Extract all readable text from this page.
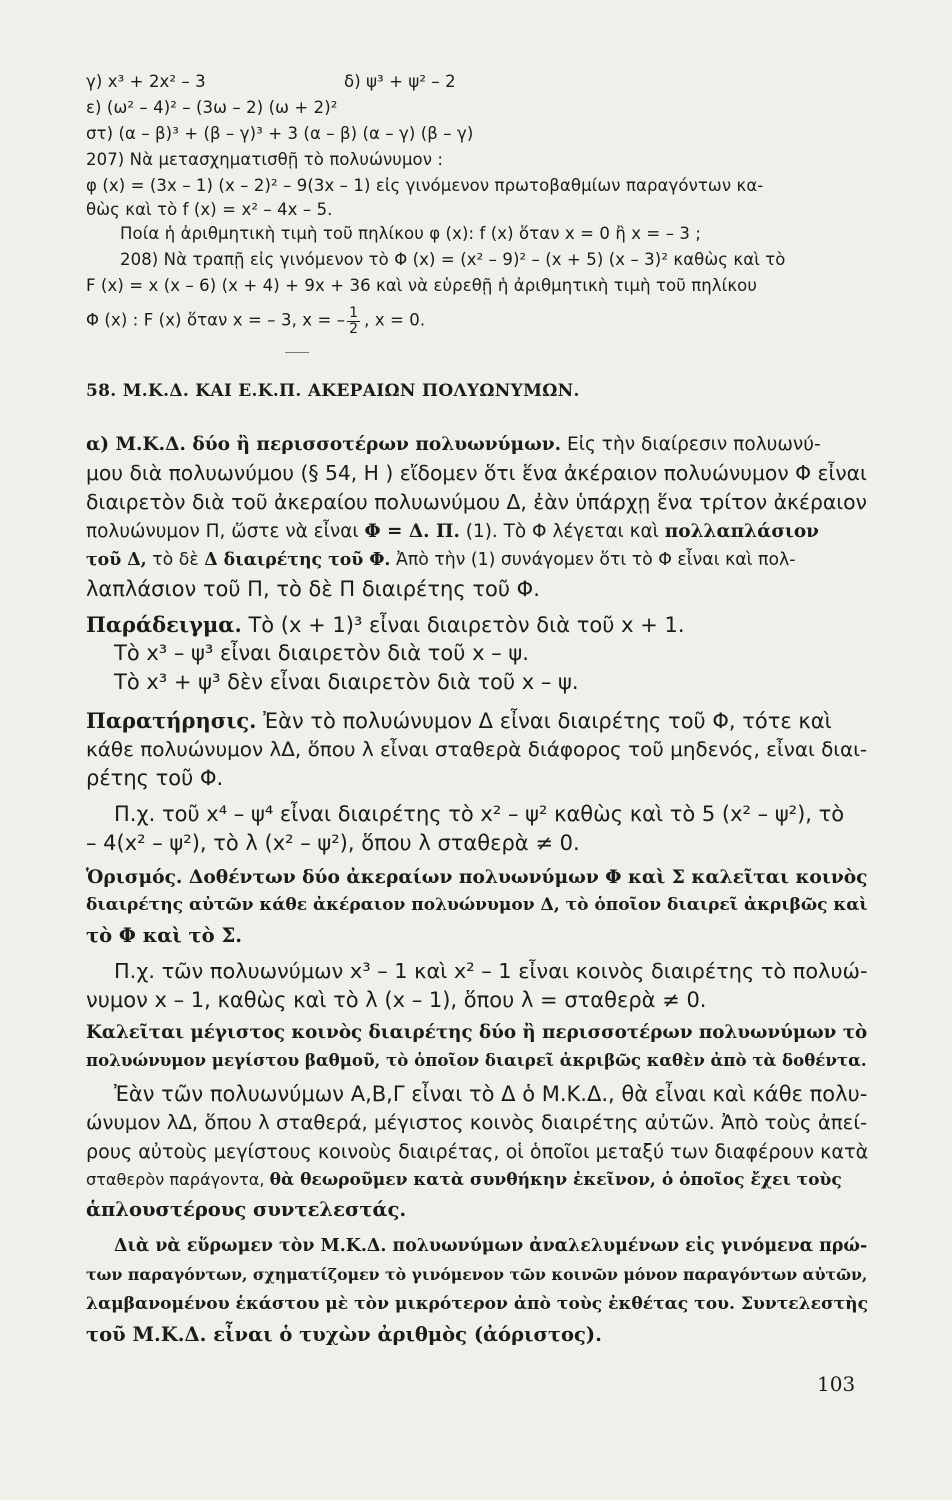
γ) x³ + 2x² – 3	δ) ψ³ + ψ² – 2

ε) (ω² – 4)² – (3ω – 2) (ω + 2)²

στ) (α – β)³ + (β – γ)³ + 3 (α – β) (α – γ) (β – γ)

207) Νὰ μετασχηματισθῇ τὸ πολυώνυμον :

φ (x) = (3x – 1) (x – 2)² – 9(3x – 1) εἰς γινόμενον πρωτοβαθμίων παραγόντων κα-

θὼς καὶ τὸ f (x) = x² – 4x – 5.

Ποία ἡ ἀριθμητικὴ τιμὴ τοῦ πηλίκου φ (x): f (x) ὅταν x = 0 ἢ x = – 3 ;

208) Νὰ τραπῇ εἰς γινόμενον τὸ Φ (x) = (x² – 9)² – (x + 5) (x – 3)² καθὼς καὶ τὸ

F (x) = x (x – 6) (x + 4) + 9x + 36 καὶ νὰ εὑρεθῇ ἡ ἀριθμητικὴ τιμὴ τοῦ πηλίκου

Φ (x) : F (x) ὅταν x = – 3, x = – $\frac{1}{2}$ , x = 0.

58. Μ.Κ.Δ. ΚΑΙ Ε.Κ.Π. ΑΚΕΡΑΙΩΝ ΠΟΛΥΩΝΥΜΩΝ.

α) Μ.Κ.Δ. δύο ἢ περισσοτέρων πολυωνύμων. Εἰς τὴν διαίρεσιν πολυωνύ-

μου διὰ πολυωνύμου (§ 54, Η ) εἴδομεν ὅτι ἕνα ἀκέραιον πολυώνυμον Φ εἶναι

διαιρετὸν διὰ τοῦ ἀκεραίου πολυωνύμου Δ, ἐὰν ὑπάρχῃ ἕνα τρίτον ἀκέραιον

πολυώνυμον Π, ὥστε νὰ εἶναι Φ = Δ. Π. (1). Τὸ Φ λέγεται καὶ πολλαπλάσιον

τοῦ Δ, τὸ δὲ Δ διαιρέτης τοῦ Φ. Ἀπὸ τὴν (1) συνάγομεν ὅτι τὸ Φ εἶναι καὶ πολ-

λαπλάσιον τοῦ Π, τὸ δὲ Π διαιρέτης τοῦ Φ.

Παράδειγμα. Τὸ (x + 1)³ εἶναι διαιρετὸν διὰ τοῦ x + 1.

Τὸ x³ – ψ³ εἶναι διαιρετὸν διὰ τοῦ x – ψ.

Τὸ x³ + ψ³ δὲν εἶναι διαιρετὸν διὰ τοῦ x – ψ.

Παρατήρησις. Ἐὰν τὸ πολυώνυμον Δ εἶναι διαιρέτης τοῦ Φ, τότε καὶ

κάθε πολυώνυμον λΔ, ὅπου λ εἶναι σταθερὰ διάφορος τοῦ μηδενός, εἶναι διαι-

ρέτης τοῦ Φ.

Π.χ. τοῦ x⁴ – ψ⁴ εἶναι διαιρέτης τὸ x² – ψ² καθὼς καὶ τὸ 5 (x² – ψ²), τὸ

– 4(x² – ψ²), τὸ λ (x² – ψ²), ὅπου λ σταθερὰ ≠ 0.

Ὁρισμός. Δοθέντων δύο ἀκεραίων πολυωνύμων Φ καὶ Σ καλεῖται κοινὸς

διαιρέτης αὐτῶν κάθε ἀκέραιον πολυώνυμον Δ, τὸ ὁποῖον διαιρεῖ ἀκριβῶς καὶ

τὸ Φ καὶ τὸ Σ.

Π.χ. τῶν πολυωνύμων x³ – 1 καὶ x² – 1 εἶναι κοινὸς διαιρέτης τὸ πολυώ-

νυμον x – 1, καθὼς καὶ τὸ λ (x – 1), ὅπου λ = σταθερὰ ≠ 0.

Καλεῖται μέγιστος κοινὸς διαιρέτης δύο ἢ περισσοτέρων πολυωνύμων τὸ

πολυώνυμον μεγίστου βαθμοῦ, τὸ ὁποῖον διαιρεῖ ἀκριβῶς καθὲν ἀπὸ τὰ δοθέντα.

Ἐὰν τῶν πολυωνύμων Α,Β,Γ εἶναι τὸ Δ ὁ Μ.Κ.Δ., θὰ εἶναι καὶ κάθε πολυ-

ώνυμον λΔ, ὅπου λ σταθερά, μέγιστος κοινὸς διαιρέτης αὐτῶν. Ἀπὸ τοὺς ἀπεί-

ρους αὐτοὺς μεγίστους κοινοὺς διαιρέτας, οἱ ὁποῖοι μεταξύ των διαφέρουν κατὰ

σταθερὸν παράγοντα, θὰ θεωροῦμεν κατὰ συνθήκην ἐκεῖνον, ὁ ὁποῖος ἔχει τοὺς

ἁπλουστέρους συντελεστάς.

Διὰ νὰ εὕρωμεν τὸν Μ.Κ.Δ. πολυωνύμων ἀναλελυμένων εἰς γινόμενα πρώ-

των παραγόντων, σχηματίζομεν τὸ γινόμενον τῶν κοινῶν μόνον παραγόντων αὐτῶν,

λαμβανομένου ἑκάστου μὲ τὸν μικρότερον ἀπὸ τοὺς ἐκθέτας του. Συντελεστὴς

τοῦ Μ.Κ.Δ. εἶναι ὁ τυχὼν ἀριθμὸς (ἀόριστος).

103
